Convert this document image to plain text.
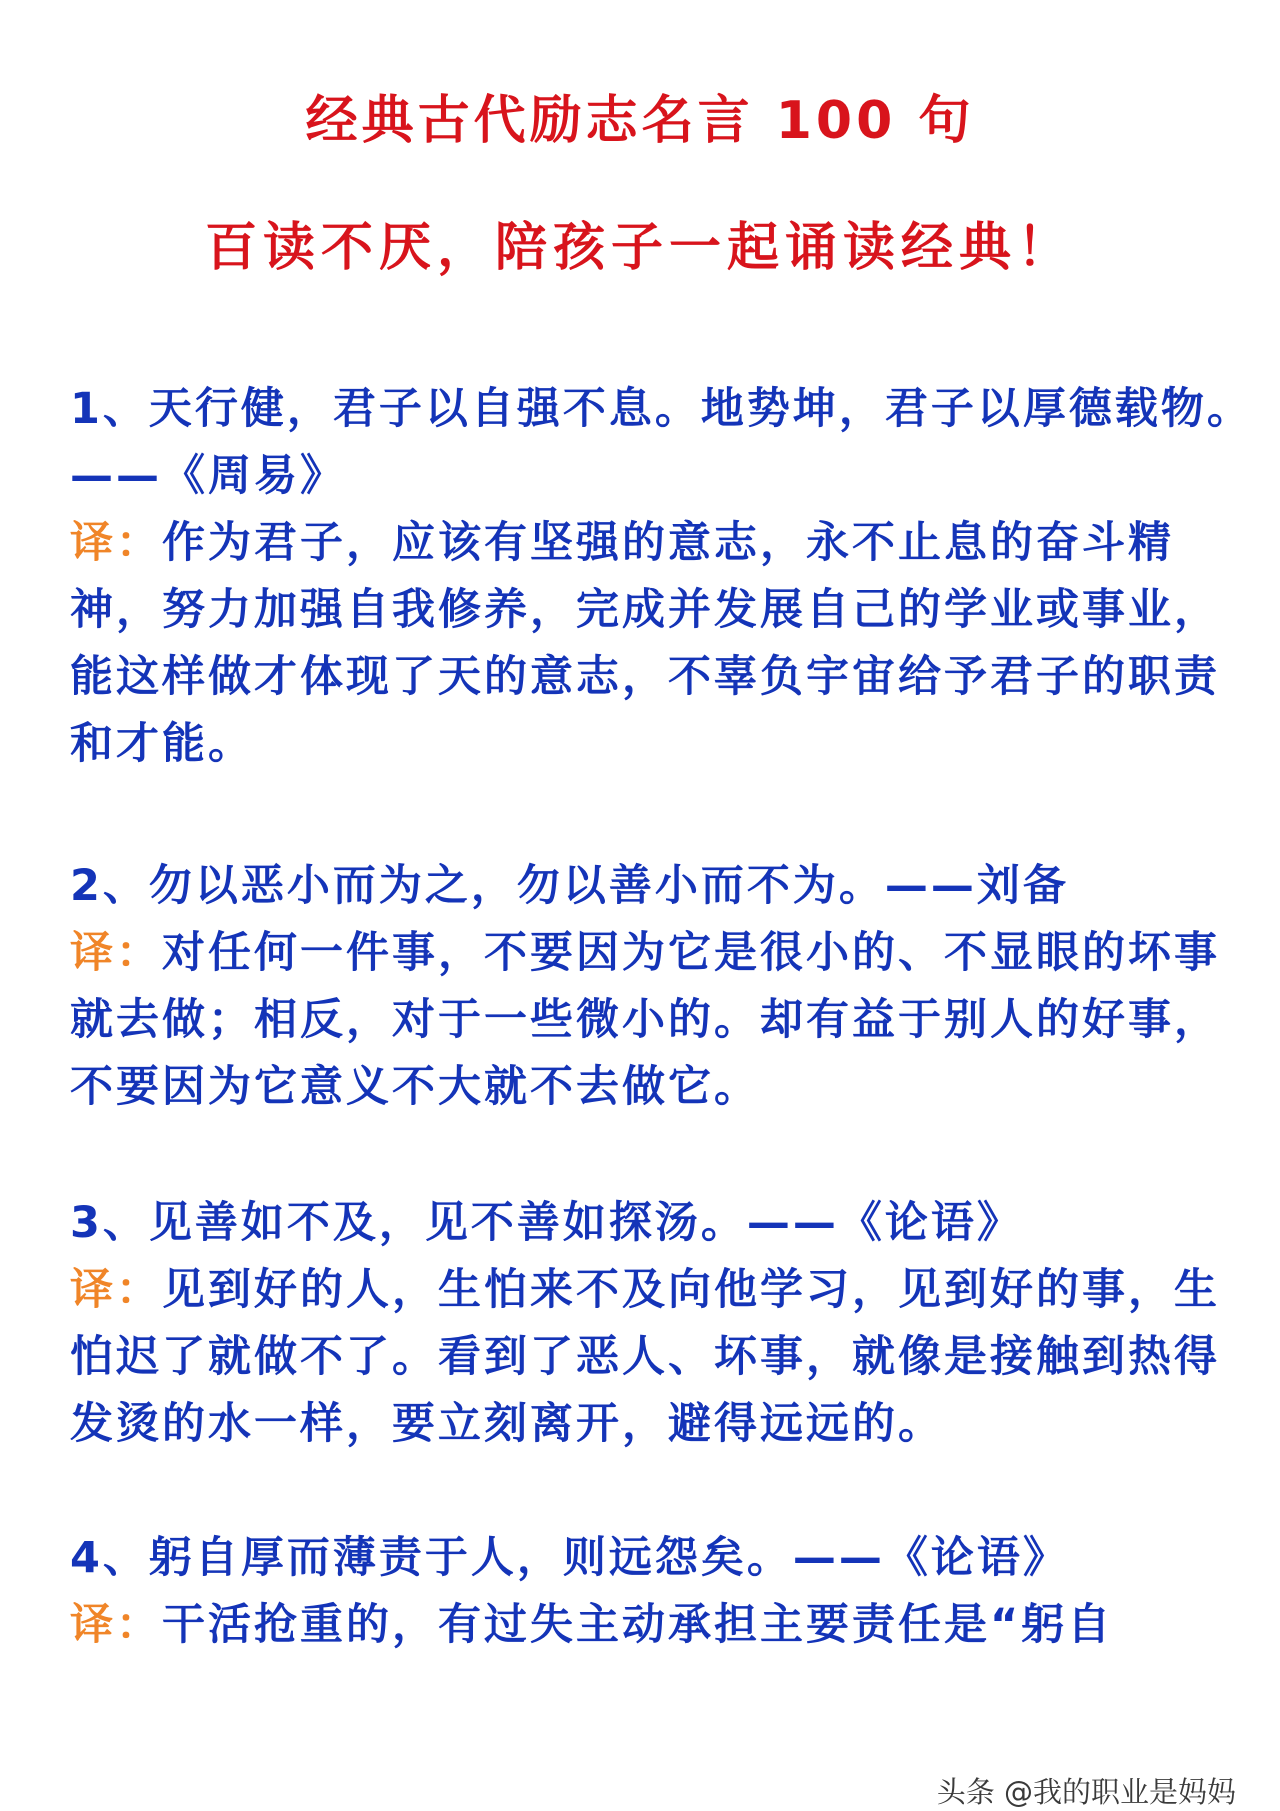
经典古代励志名言 100 句
百读不厌，陪孩子一起诵读经典！
1、天行健，君子以自强不息。地势坤，君子以厚德载物。
——《周易》
译：作为君子，应该有坚强的意志，永不止息的奋斗精神，努力加强自我修养，完成并发展自己的学业或事业，能这样做才体现了天的意志，不辜负宇宙给予君子的职责和才能。
2、勿以恶小而为之，勿以善小而不为。——刘备
译：对任何一件事，不要因为它是很小的、不显眼的坏事就去做；相反，对于一些微小的。却有益于别人的好事，不要因为它意义不大就不去做它。
3、见善如不及，见不善如探汤。——《论语》
译：见到好的人，生怕来不及向他学习，见到好的事，生怕迟了就做不了。看到了恶人、坏事，就像是接触到热得发烫的水一样，要立刻离开，避得远远的。
4、躬自厚而薄责于人，则远怨矣。——《论语》
译：干活抢重的，有过失主动承担主要责任是“躬自
头条 @我的职业是妈妈
